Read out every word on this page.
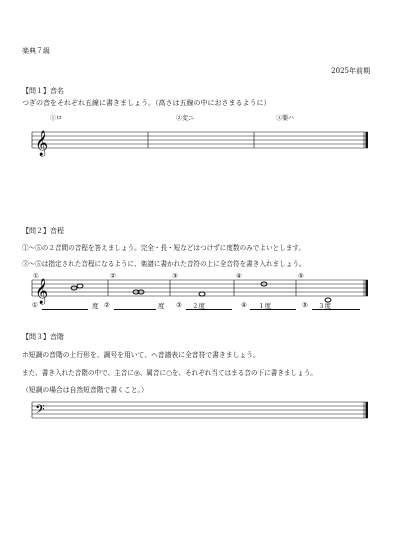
楽典７級
2025年前期
【問１】音名
つぎの音をそれぞれ五線に書きましょう。（高さは五線の中におさまるように）
①ロ	②変ニ	③嬰ハ
𝄞
【問２】音程
①～⑤の２音間の音程を答えましょう。完全・長・短などはつけずに度数のみでよいとします。
③～⑤は指定された音程になるように、楽譜に書かれた音符の上に全音符を書き入れましょう。
𝄞
①	②	③	④	⑤
①	度 ②	度 ③ ２度	④ １度	⑤ ３度
【問３】音階
ホ短調の音階の上行形を、調号を用いて、ヘ音譜表に全音符で書きましょう。
また、書き入れた音階の中で、主音に◎、属音に○を、それぞれ当てはまる音の下に書きましょう。
（短調の場合は自然短音階で書くこと。）
𝄢
